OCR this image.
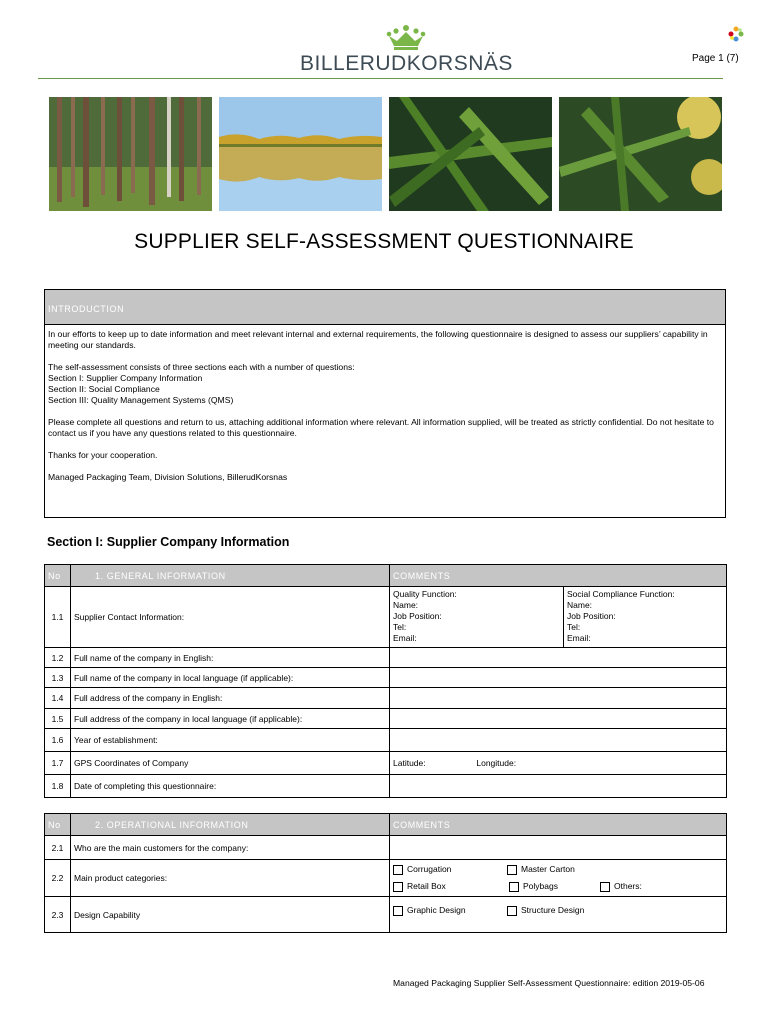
BILLERUDKORSNÄS	Page 1 (7)
SUPPLIER SELF-ASSESSMENT QUESTIONNAIRE
INTRODUCTION

In our efforts to keep up to date information and meet relevant internal and external requirements, the following questionnaire is designed to assess our suppliers’ capability in meeting our standards.

The self-assessment consists of three sections each with a number of questions:
Section I: Supplier Company Information
Section II: Social Compliance
Section III: Quality Management Systems (QMS)

Please complete all questions and return to us, attaching additional information where relevant. All information supplied, will be treated as strictly confidential. Do not hesitate to contact us if you have any questions related to this questionnaire.

Thanks for your cooperation.

Managed Packaging Team, Division Solutions, BillerudKorsnas

Section I: Supplier Company Information
No	1. GENERAL INFORMATION	COMMENTS	
1.1	Supplier Contact Information:	Quality Function:
Name:
Job Position:
Tel:
Email:	Social Compliance Function:
Name:
Job Position:
Tel:
Email:
1.2	Full name of the company in English:		
1.3	Full name of the company in local language (if applicable):		
1.4	Full address of the company in English:		
1.5	Full address of the company in local language (if applicable):		
1.6	Year of establishment:		
1.7	GPS Coordinates of Company	Latitude: Longitude:	
1.8	Date of completing this questionnaire:		
No	2. OPERATIONAL INFORMATION	COMMENTS
2.1	Who are the main customers for the company:	
2.2	Main product categories:	Corrugation Master Carton
Retail Box Polybags Others:
2.3	Design Capability	Graphic Design Structure Design
Managed Packaging Supplier Self-Assessment Questionnaire: edition 2019-05-06
